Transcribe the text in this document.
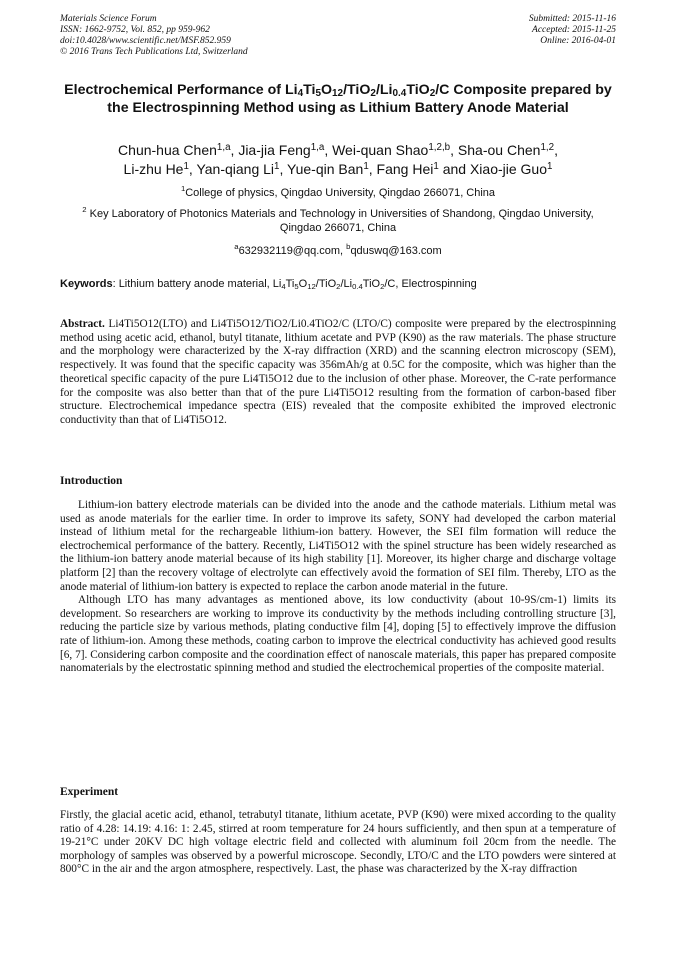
Materials Science Forum
ISSN: 1662-9752, Vol. 852, pp 959-962
doi:10.4028/www.scientific.net/MSF.852.959
© 2016 Trans Tech Publications Ltd, Switzerland
Submitted: 2015-11-16
Accepted: 2015-11-25
Online: 2016-04-01
Electrochemical Performance of $Li_4Ti_5O_{12}/TiO_2/Li_{0.4}TiO_2/C$ Composite prepared by the Electrospinning Method using as Lithium Battery Anode Material
Chun-hua Chen$^{1,a}$, Jia-jia Feng$^{1,a}$, Wei-quan Shao$^{1,2,b}$, Sha-ou Chen$^{1,2}$,
Li-zhu He$^1$, Yan-qiang Li$^1$, Yue-qin Ban$^1$, Fang Hei$^1$ and Xiao-jie Guo$^1$
$^1$College of physics, Qingdao University, Qingdao 266071, China
$^2$ Key Laboratory of Photonics Materials and Technology in Universities of Shandong, Qingdao University, Qingdao 266071, China
$^a$632932119@qq.com, $^b$qduswq@163.com
Keywords: Lithium battery anode material, $Li_4Ti_5O_{12}/TiO_2/Li_{0.4}TiO_2/C$, Electrospinning
Abstract. Li4Ti5O12(LTO) and Li4Ti5O12/TiO2/Li0.4TiO2/C (LTO/C) composite were prepared by the electrospinning method using acetic acid, ethanol, butyl titanate, lithium acetate and PVP (K90) as the raw materials. The phase structure and the morphology were characterized by the X-ray diffraction (XRD) and the scanning electron microscopy (SEM), respectively. It was found that the specific capacity was 356mAh/g at 0.5C for the composite, which was higher than the theoretical specific capacity of the pure Li4Ti5O12 due to the inclusion of other phase. Moreover, the C-rate performance for the composite was also better than that of the pure Li4Ti5O12 resulting from the formation of carbon-based fiber structure. Electrochemical impedance spectra (EIS) revealed that the composite exhibited the improved electronic conductivity than that of Li4Ti5O12.
Introduction

Lithium-ion battery electrode materials can be divided into the anode and the cathode materials. Lithium metal was used as anode materials for the earlier time. In order to improve its safety, SONY had developed the carbon material instead of lithium metal for the rechargeable lithium-ion battery. However, the SEI film formation will reduce the electrochemical performance of the battery. Recently, Li4Ti5O12 with the spinel structure has been widely researched as the lithium-ion battery anode material because of its high stability [1]. Moreover, its higher charge and discharge voltage platform [2] than the recovery voltage of electrolyte can effectively avoid the formation of SEI film. Thereby, LTO as the anode material of lithium-ion battery is expected to replace the carbon anode material in the future.

Although LTO has many advantages as mentioned above, its low conductivity (about 10-9S/cm-1) limits its development. So researchers are working to improve its conductivity by the methods including controlling structure [3], reducing the particle size by various methods, plating conductive film [4], doping [5] to effectively improve the diffusion rate of lithium-ion. Among these methods, coating carbon to improve the electrical conductivity has achieved good results [6, 7]. Considering carbon composite and the coordination effect of nanoscale materials, this paper has prepared composite nanomaterials by the electrostatic spinning method and studied the electrochemical properties of the composite material.

Experiment

Firstly, the glacial acetic acid, ethanol, tetrabutyl titanate, lithium acetate, PVP (K90) were mixed according to the quality ratio of 4.28: 14.19: 4.16: 1: 2.45, stirred at room temperature for 24 hours sufficiently, and then spun at a temperature of 19-21°C under 20KV DC high voltage electric field and collected with aluminum foil 20cm from the needle. The morphology of samples was observed by a powerful microscope. Secondly, LTO/C and the LTO powders were sintered at 800°C in the air and the argon atmosphere, respectively. Last, the phase was characterized by the X-ray diffraction
